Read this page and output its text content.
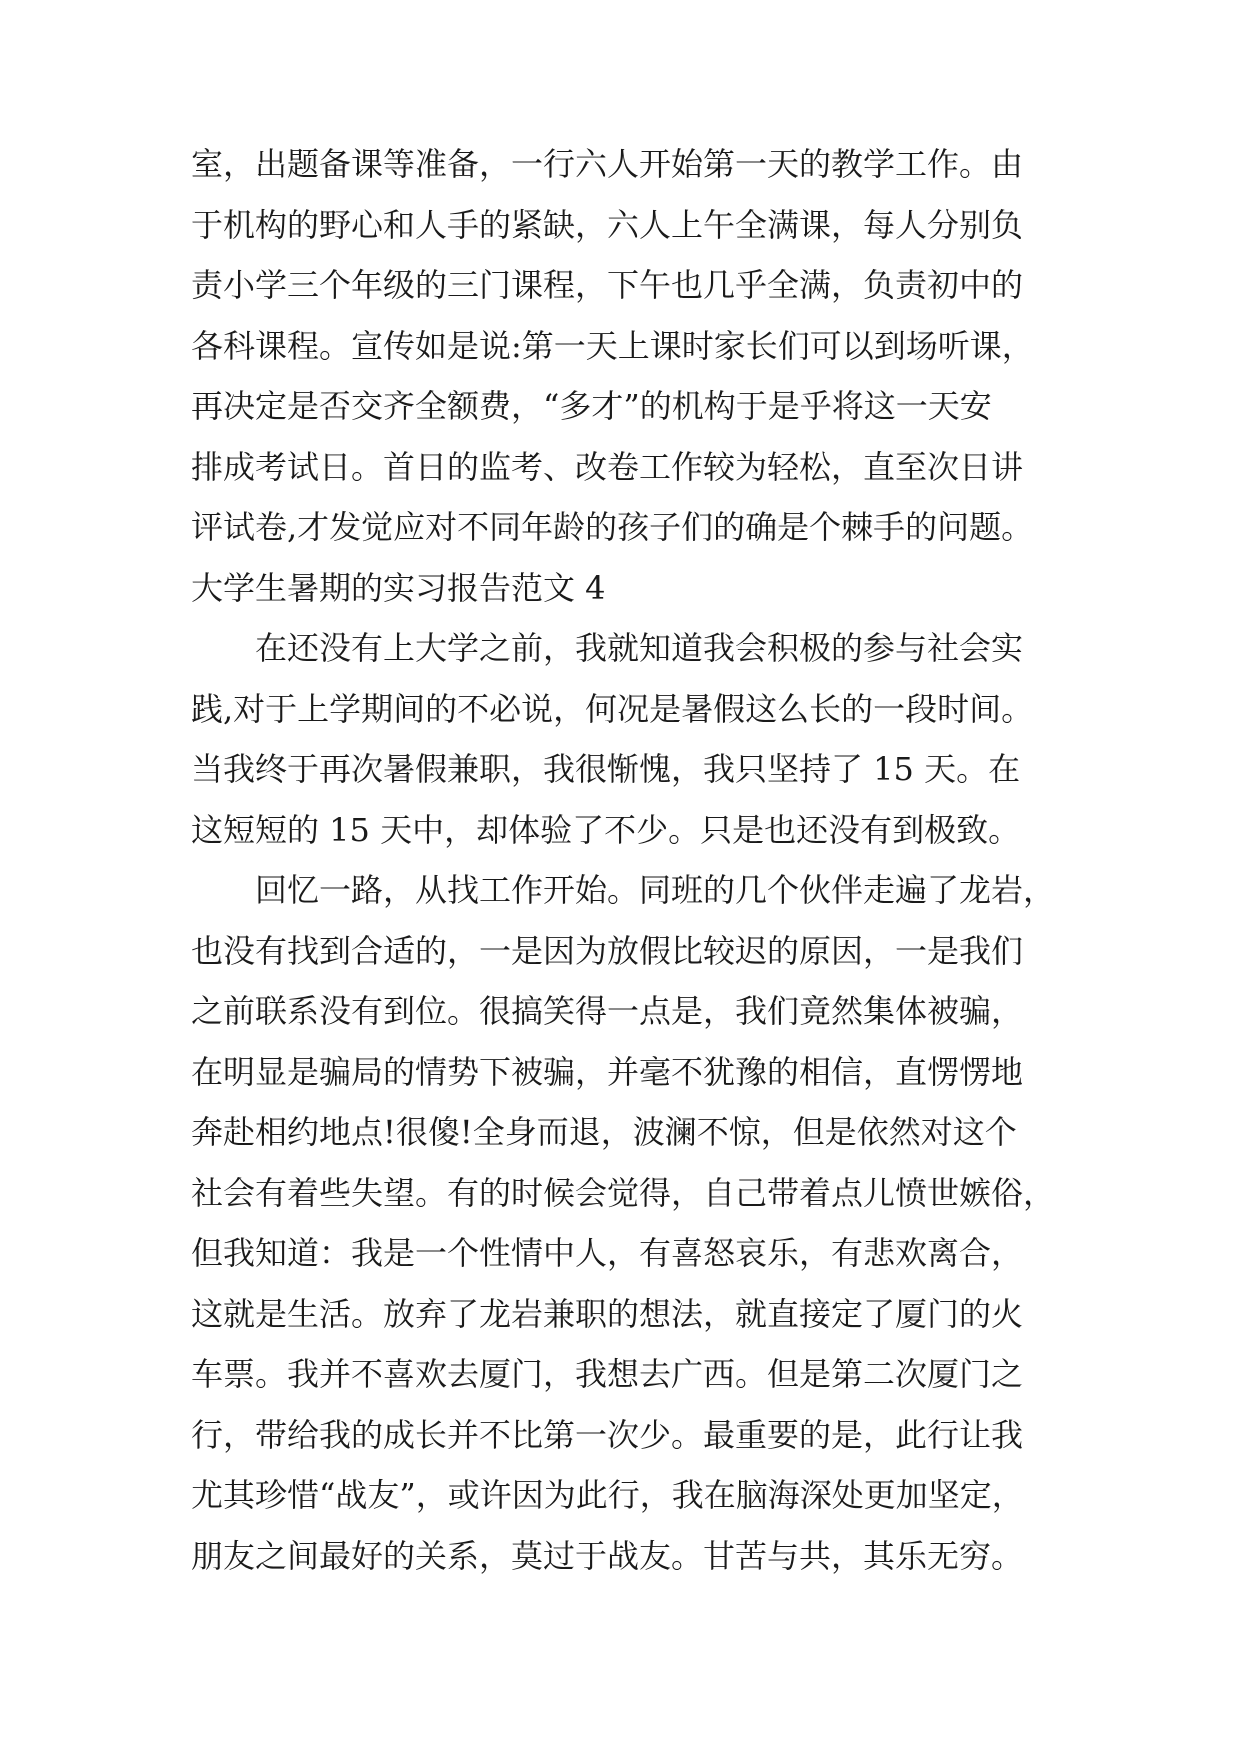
室，出题备课等准备，一行六人开始第一天的教学工作。由
于机构的野心和人手的紧缺，六人上午全满课，每人分别负
责小学三个年级的三门课程，下午也几乎全满，负责初中的
各科课程。宣传如是说:第一天上课时家长们可以到场听课，
再决定是否交齐全额费，“多才”的机构于是乎将这一天安
排成考试日。首日的监考、改卷工作较为轻松，直至次日讲
评试卷,才发觉应对不同年龄的孩子们的确是个棘手的问题。
大学生暑期的实习报告范文 4
在还没有上大学之前，我就知道我会积极的参与社会实
践,对于上学期间的不必说，何况是暑假这么长的一段时间。
当我终于再次暑假兼职，我很惭愧，我只坚持了 15 天。在
这短短的 15 天中，却体验了不少。只是也还没有到极致。
回忆一路，从找工作开始。同班的几个伙伴走遍了龙岩，
也没有找到合适的，一是因为放假比较迟的原因，一是我们
之前联系没有到位。很搞笑得一点是，我们竟然集体被骗，
在明显是骗局的情势下被骗，并毫不犹豫的相信，直愣愣地
奔赴相约地点!很傻!全身而退，波澜不惊，但是依然对这个
社会有着些失望。有的时候会觉得，自己带着点儿愤世嫉俗，
但我知道：我是一个性情中人，有喜怒哀乐，有悲欢离合，
这就是生活。放弃了龙岩兼职的想法，就直接定了厦门的火
车票。我并不喜欢去厦门，我想去广西。但是第二次厦门之
行，带给我的成长并不比第一次少。最重要的是，此行让我
尤其珍惜“战友”，或许因为此行，我在脑海深处更加坚定，
朋友之间最好的关系，莫过于战友。甘苦与共，其乐无穷。
